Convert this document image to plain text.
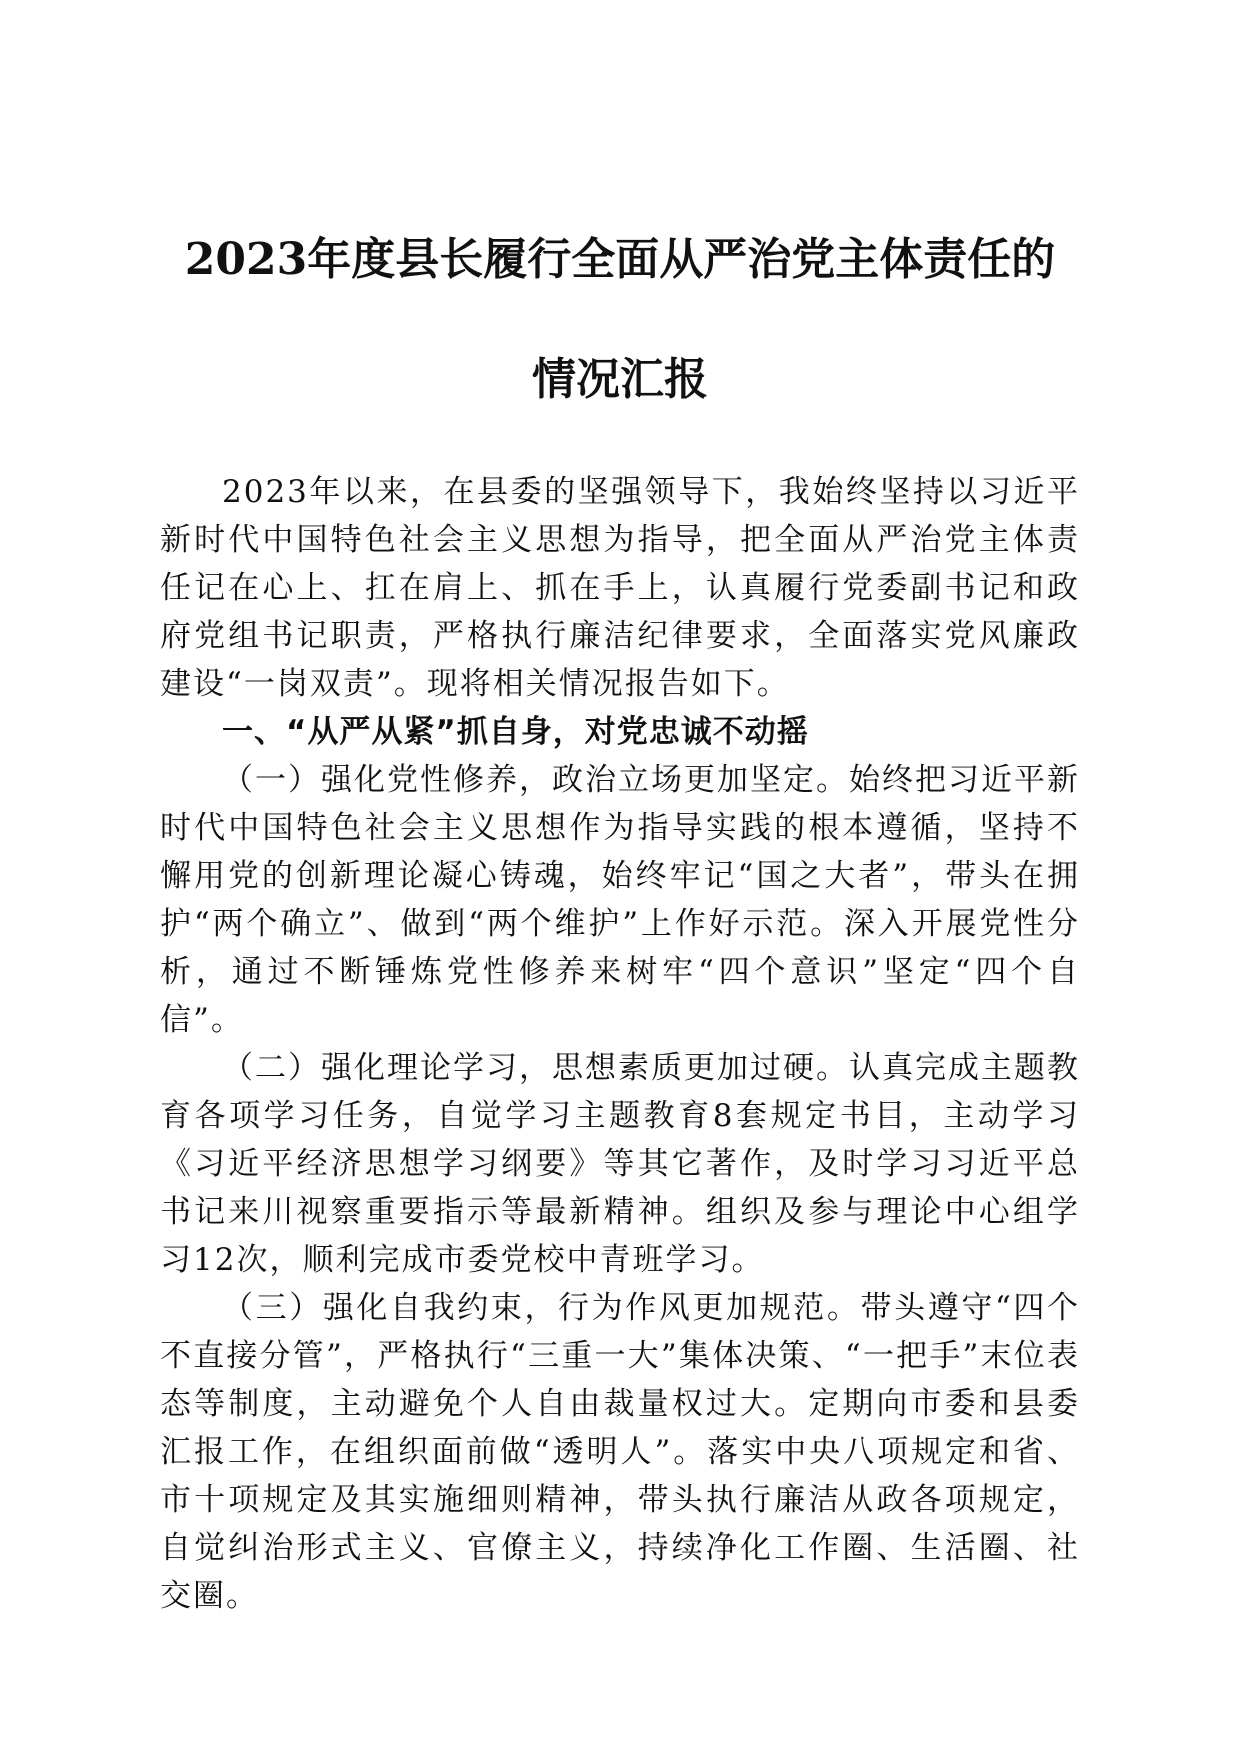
2023年度县长履行全面从严治党主体责任的
情况汇报

2023年以来，在县委的坚强领导下，我始终坚持以习近平新时代中国特色社会主义思想为指导，把全面从严治党主体责任记在心上、扛在肩上、抓在手上，认真履行党委副书记和政府党组书记职责，严格执行廉洁纪律要求，全面落实党风廉政建设“一岗双责”。现将相关情况报告如下。

一、“从严从紧”抓自身，对党忠诚不动摇

（一）强化党性修养，政治立场更加坚定。始终把习近平新时代中国特色社会主义思想作为指导实践的根本遵循，坚持不懈用党的创新理论凝心铸魂，始终牢记“国之大者”，带头在拥护“两个确立”、做到“两个维护”上作好示范。深入开展党性分析，通过不断锤炼党性修养来树牢“四个意识”坚定“四个自信”。

（二）强化理论学习，思想素质更加过硬。认真完成主题教育各项学习任务，自觉学习主题教育8套规定书目，主动学习《习近平经济思想学习纲要》等其它著作，及时学习习近平总书记来川视察重要指示等最新精神。组织及参与理论中心组学习12次，顺利完成市委党校中青班学习。

（三）强化自我约束，行为作风更加规范。带头遵守“四个不直接分管”，严格执行“三重一大”集体决策、“一把手”末位表态等制度，主动避免个人自由裁量权过大。定期向市委和县委汇报工作，在组织面前做“透明人”。落实中央八项规定和省、市十项规定及其实施细则精神，带头执行廉洁从政各项规定，自觉纠治形式主义、官僚主义，持续净化工作圈、生活圈、社交圈。
